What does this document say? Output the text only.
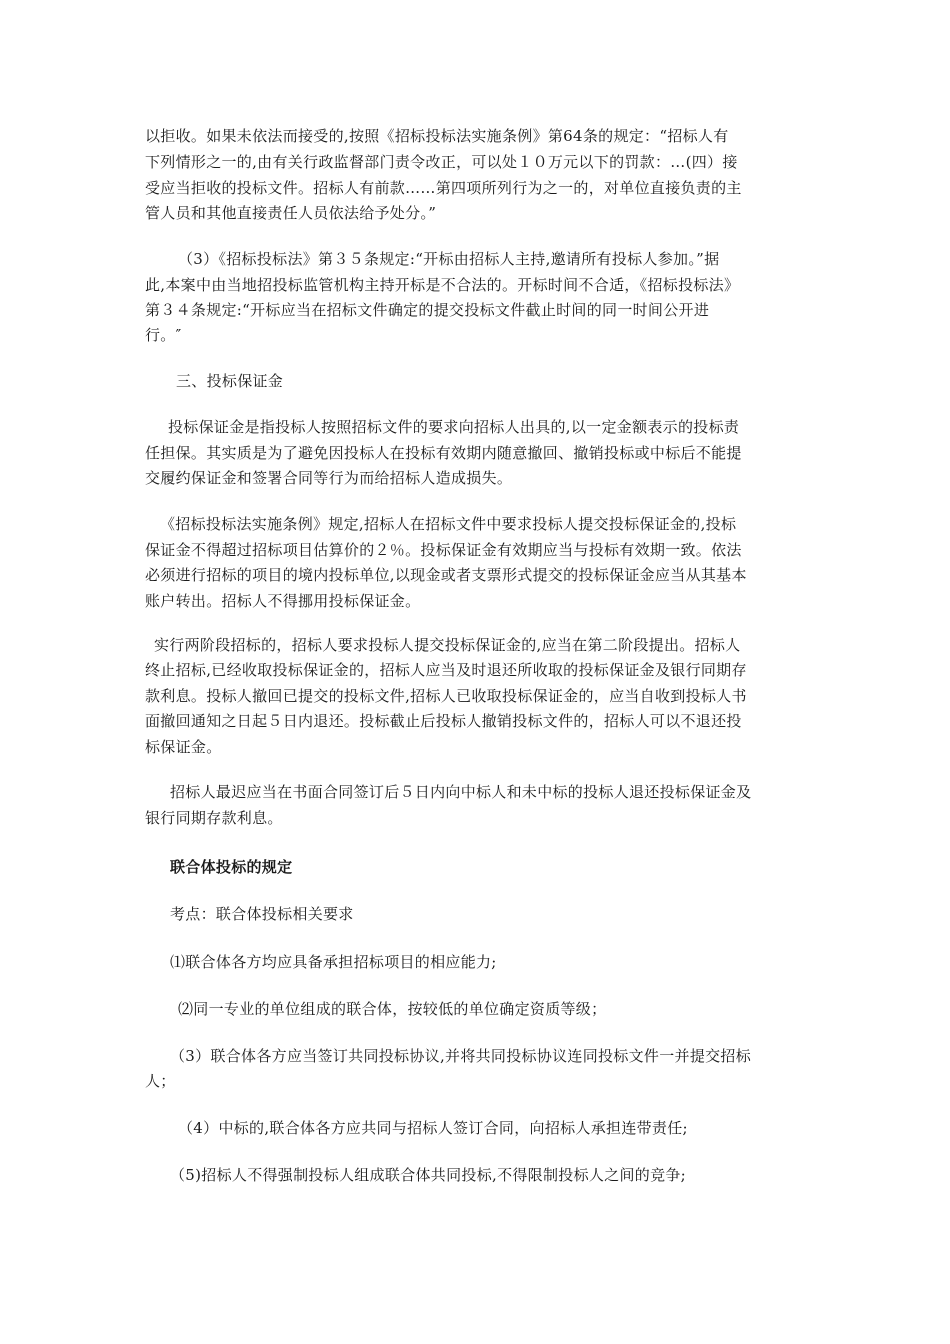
以拒收。如果未依法而接受的,按照《招标投标法实施条例》第64条的规定：“招标人有
下列情形之一的,由有关行政监督部门责令改正，可以处１０万元以下的罚款：…(四）接
受应当拒收的投标文件。招标人有前款……第四项所列行为之一的，对单位直接负责的主
管人员和其他直接责任人员依法给予处分。”
（3）《招标投标法》第３５条规定:“开标由招标人主持,邀请所有投标人参加。”据
此,本案中由当地招投标监管机构主持开标是不合法的。开标时间不合适，《招标投标法》
第３４条规定:“开标应当在招标文件确定的提交投标文件截止时间的同一时间公开进
行。″
三、投标保证金
投标保证金是指投标人按照招标文件的要求向招标人出具的,以一定金额表示的投标责
任担保。其实质是为了避免因投标人在投标有效期内随意撤回、撤销投标或中标后不能提
交履约保证金和签署合同等行为而给招标人造成损失。
《招标投标法实施条例》规定,招标人在招标文件中要求投标人提交投标保证金的,投标
保证金不得超过招标项目估算价的２％。投标保证金有效期应当与投标有效期一致。依法
必须进行招标的项目的境内投标单位,以现金或者支票形式提交的投标保证金应当从其基本
账户转出。招标人不得挪用投标保证金。
实行两阶段招标的，招标人要求投标人提交投标保证金的,应当在第二阶段提出。招标人
终止招标,已经收取投标保证金的，招标人应当及时退还所收取的投标保证金及银行同期存
款利息。投标人撤回已提交的投标文件,招标人已收取投标保证金的，应当自收到投标人书
面撤回通知之日起５日内退还。投标截止后投标人撤销投标文件的，招标人可以不退还投
标保证金。
招标人最迟应当在书面合同签订后５日内向中标人和未中标的投标人退还投标保证金及
银行同期存款利息。
联合体投标的规定
考点：联合体投标相关要求
⑴联合体各方均应具备承担招标项目的相应能力;
⑵同一专业的单位组成的联合体，按较低的单位确定资质等级；
（3）联合体各方应当签订共同投标协议,并将共同投标协议连同投标文件一并提交招标
人；
（4）中标的,联合体各方应共同与招标人签订合同，向招标人承担连带责任;
（5)招标人不得强制投标人组成联合体共同投标,不得限制投标人之间的竞争;
